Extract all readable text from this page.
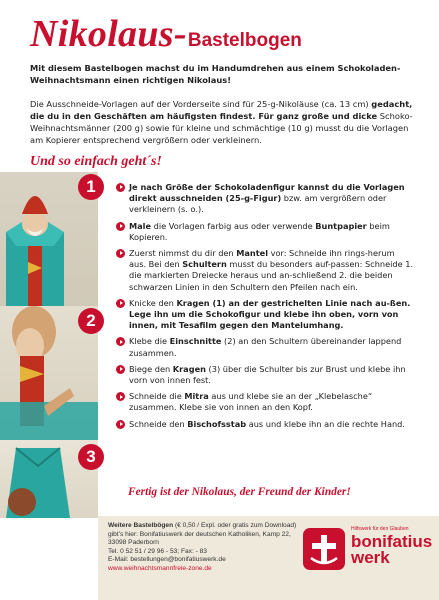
Nikolaus-Bastelbogen

Mit diesem Bastelbogen machst du im Handumdrehen aus einem Schokoladen-Weihnachtsmann einen richtigen Nikolaus!

Die Ausschneide-Vorlagen auf der Vorderseite sind für 25-g-Nikoläuse (ca. 13 cm) gedacht, die du in den Geschäften am häufigsten findest. Für ganz große und dicke Schoko-Weihnachtsmänner (200 g) sowie für kleine und schmächtige (10 g) musst du die Vorlagen am Kopierer entsprechend vergrößern oder verkleinern.

Und so einfach geht´s!
1
2
3
Je nach Größe der Schokoladenfigur kannst du die Vorlagen direkt ausschneiden (25-g-Figur) bzw. am vergrößern oder verkleinern (s. o.).
Male die Vorlagen farbig aus oder verwende Buntpapier beim Kopieren.
Zuerst nimmst du dir den Mantel vor: Schneide ihn rings-herum aus. Bei den Schultern musst du besonders auf-passen: Schneide 1. die markierten Dreiecke heraus und an-schließend 2. die beiden schwarzen Linien in den Schultern den Pfeilen nach ein.
Knicke den Kragen (1) an der gestrichelten Linie nach au-ßen. Lege ihn um die Schokofigur und klebe ihn oben, vorn von innen, mit Tesafilm gegen den Mantelumhang.
Klebe die Einschnitte (2) an den Schultern übereinander lappend zusammen.
Biege den Kragen (3) über die Schulter bis zur Brust und klebe ihn vorn von innen fest.
Schneide die Mitra aus und klebe sie an der „Klebelasche“ zusammen. Klebe sie von innen an den Kopf.
Schneide den Bischofsstab aus und klebe ihn an die rechte Hand.
Fertig ist der Nikolaus, der Freund der Kinder!
Weitere Bastelbögen (€ 0,50 / Expl. oder gratis zum Download) gibt’s hier: Bonifatiuswerk der deutschen Katholiken, Kamp 22, 33098 Paderborn
Tel. 0 52 51 / 29 96 - 53; Fax: - 83
E-Mail: bestellungen@bonifatiuswerk.de
www.weihnachtsmannfreie-zone.de
Hilfswerk für den Glauben
bonifatius
werk
